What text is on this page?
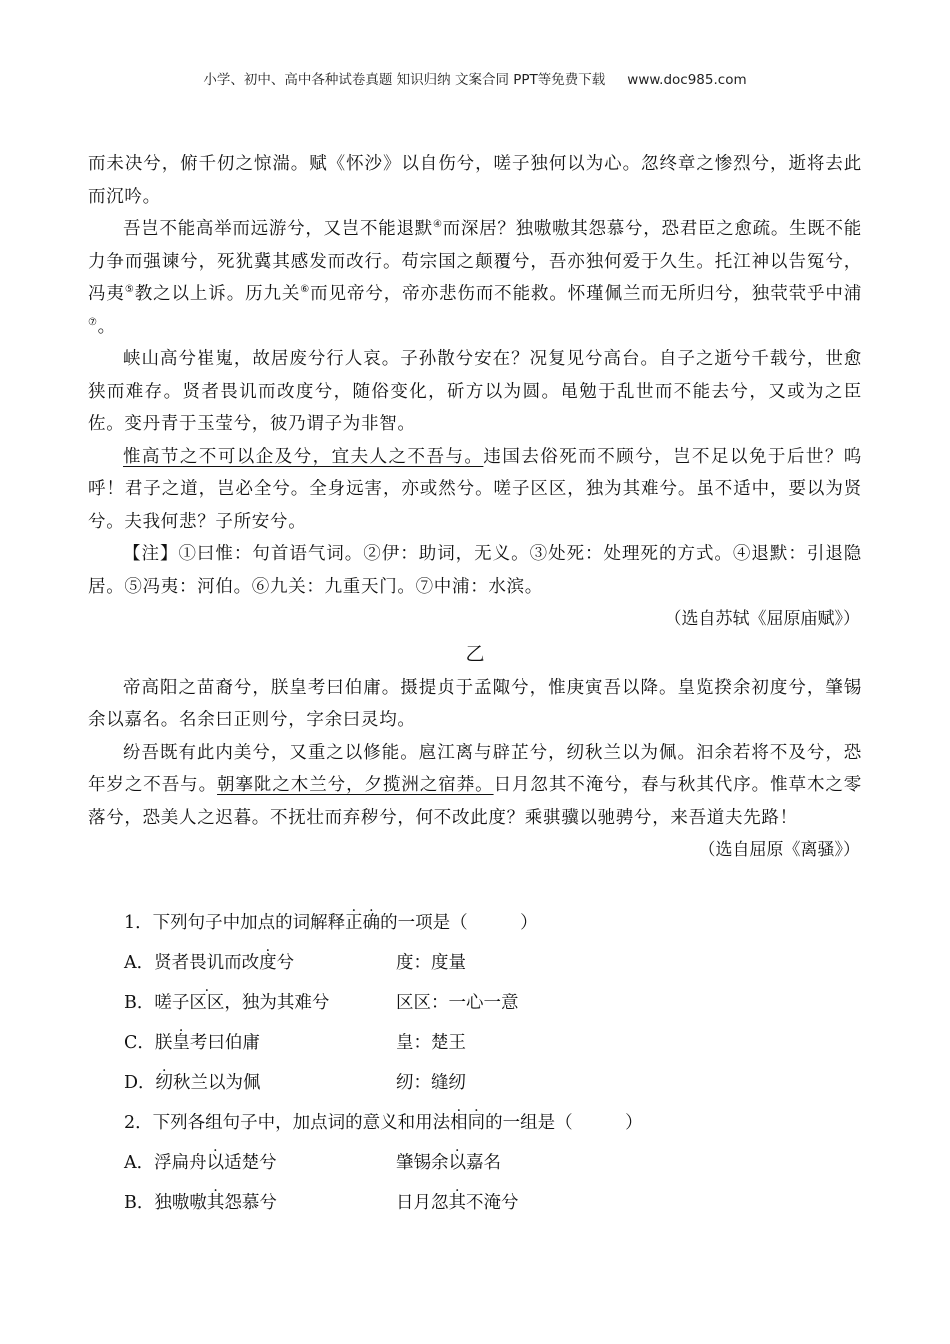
小学、初中、高中各种试卷真题 知识归纳 文案合同 PPT等免费下载 www.doc985.com

而未决兮，俯千仞之惊湍。赋《怀沙》以自伤兮，嗟子独何以为心。忽终章之惨烈兮，逝将去此而沉吟。

吾岂不能高举而远游兮，又岂不能退默④而深居？独嗷嗷其怨慕兮，恐君臣之愈疏。生既不能力争而强谏兮，死犹冀其感发而改行。苟宗国之颠覆兮，吾亦独何爱于久生。托江神以告冤兮，冯夷⑤教之以上诉。历九关⑥而见帝兮，帝亦悲伤而不能救。怀瑾佩兰而无所归兮，独茕茕乎中浦⑦。

峡山高兮崔嵬，故居废兮行人哀。子孙散兮安在？况复见兮高台。自子之逝兮千载兮，世愈狭而难存。贤者畏讥而改度兮，随俗变化，斫方以为圆。黾勉于乱世而不能去兮，又或为之臣佐。变丹青于玉莹兮，彼乃谓子为非智。

惟高节之不可以企及兮，宜夫人之不吾与。违国去俗死而不顾兮，岂不足以免于后世？呜呼！君子之道，岂必全兮。全身远害，亦或然兮。嗟子区区，独为其难兮。虽不适中，要以为贤兮。夫我何悲？子所安兮。

【注】①曰惟：句首语气词。②伊：助词，无义。③处死：处理死的方式。④退默：引退隐居。⑤冯夷：河伯。⑥九关：九重天门。⑦中浦：水滨。

（选自苏轼《屈原庙赋》）

乙

帝高阳之苗裔兮，朕皇考曰伯庸。摄提贞于孟陬兮，惟庚寅吾以降。皇览揆余初度兮，肇锡余以嘉名。名余曰正则兮，字余曰灵均。

纷吾既有此内美兮，又重之以修能。扈江离与辟芷兮，纫秋兰以为佩。汩余若将不及兮，恐年岁之不吾与。朝搴阰之木兰兮，夕揽洲之宿莽。日月忽其不淹兮，春与秋其代序。惟草木之零落兮，恐美人之迟暮。不抚壮而弃秽兮，何不改此度？乘骐骥以驰骋兮，来吾道夫先路！

（选自屈原《离骚》）

1．下列句子中加点的词解释正确的一项是（　　　）
A．贤者畏讥而改度兮	度：度量
B．嗟子区区，独为其难兮	区区：一心一意
C．朕皇考曰伯庸	皇：楚王
D．纫秋兰以为佩	纫：缝纫
2．下列各组句子中，加点词的意义和用法相同的一组是（　　　）
A．浮扁舟以适楚兮	肇锡余以嘉名
B．独嗷嗷其怨慕兮	日月忽其不淹兮
